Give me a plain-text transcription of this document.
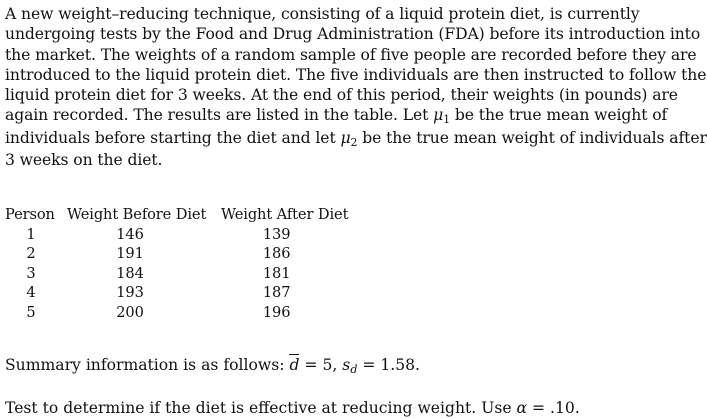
A new weight–reducing technique, consisting of a liquid protein diet, is currently
undergoing tests by the Food and Drug Administration (FDA) before its introduction into
the market. The weights of a random sample of five people are recorded before they are
introduced to the liquid protein diet. The five individuals are then instructed to follow the
liquid protein diet for 3 weeks. At the end of this period, their weights (in pounds) are
again recorded. The results are listed in the table. Let μ1 be the true mean weight of
individuals before starting the diet and let μ2 be the true mean weight of individuals after
3 weeks on the diet.
Person	Weight Before Diet	Weight After Diet
1	146	139
2	191	186
3	184	181
4	193	187
5	200	196

Summary information is as follows: d = 5, sd = 1.58.

Test to determine if the diet is effective at reducing weight. Use α = .10.
